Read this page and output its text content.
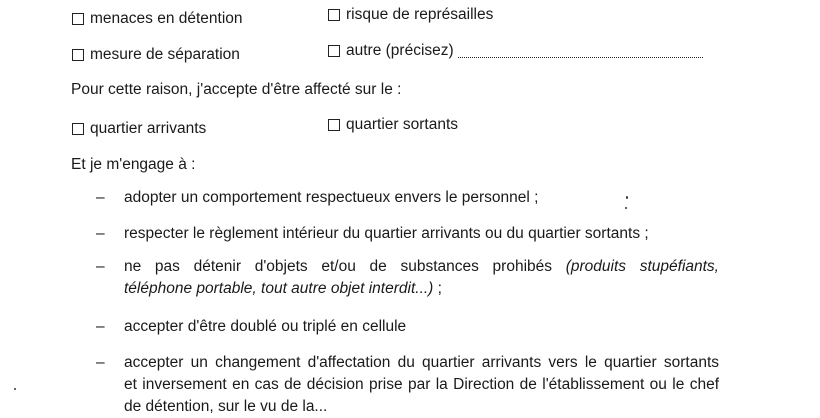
menaces en détention	risque de représailles
mesure de séparation	autre (précisez)
Pour cette raison, j'accepte d'être affecté sur le :
quartier arrivants	quartier sortants
Et je m'engage à :
–	adopter un comportement respectueux envers le personnel ;
–	respecter le règlement intérieur du quartier arrivants ou du quartier sortants ;
–	ne pas détenir d'objets et/ou de substances prohibés (produits stupéfiants,
téléphone portable, tout autre objet interdit...) ;
–	accepter d'être doublé ou triplé en cellule
–	accepter un changement d'affectation du quartier arrivants vers le quartier sortants
et inversement en cas de décision prise par la Direction de l'établissement ou le chef
de détention, sur le vu de la...
